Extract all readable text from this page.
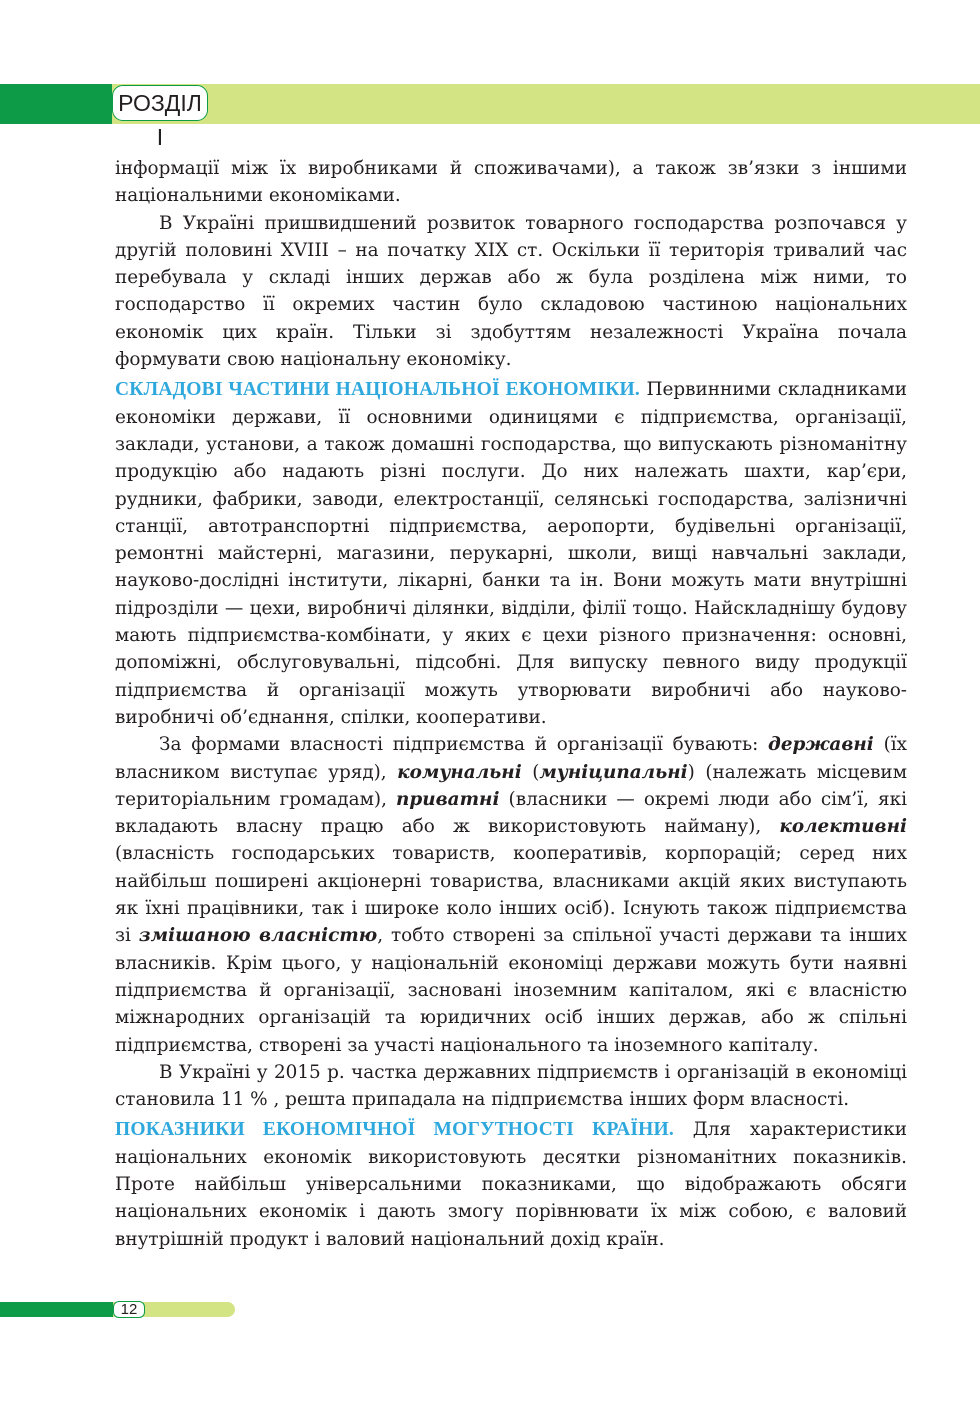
РОЗДІЛ І

інформації між їх виробниками й споживачами), а також зв’язки з іншими національними економіками.

В Україні пришвидшений розвиток товарного господарства розпочався у другій половині XVIII – на початку XIX ст. Оскільки її територія тривалий час перебувала у складі інших держав або ж була розділена між ними, то господарство її окремих частин було складовою частиною національних економік цих країн. Тільки зі здобуттям незалежності Україна почала формувати свою національну економіку.

СКЛАДОВІ ЧАСТИНИ НАЦІОНАЛЬНОЇ ЕКОНОМІКИ. Первинними складниками економіки держави, її основними одиницями є підприємства, організації, заклади, установи, а також домашні господарства, що випускають різноманітну продукцію або надають різні послуги. До них належать шахти, кар’єри, рудники, фабрики, заводи, електростанції, селянські господарства, залізничні станції, автотранспортні підприємства, аеропорти, будівельні організації, ремонтні майстерні, магазини, перукарні, школи, вищі навчальні заклади, науково-дослідні інститути, лікарні, банки та ін. Вони можуть мати внутрішні підрозділи — цехи, виробничі ділянки, відділи, філії тощо. Найскладнішу будову мають підприємства-комбінати, у яких є цехи різного призначення: основні, допоміжні, обслуговувальні, підсобні. Для випуску певного виду продукції підприємства й організації можуть утворювати виробничі або науково-виробничі об’єднання, спілки, кооперативи.

За формами власності підприємства й організації бувають: державні (їх власником виступає уряд), комунальні (муніципальні) (належать місцевим територіальним громадам), приватні (власники — окремі люди або сім’ї, які вкладають власну працю або ж використовують найману), колективні (власність господарських товариств, кооперативів, корпорацій; серед них найбільш поширені акціонерні товариства, власниками акцій яких виступають як їхні працівники, так і широке коло інших осіб). Існують також підприємства зі змішаною власністю, тобто створені за спільної участі держави та інших власників. Крім цього, у національній економіці держави можуть бути наявні підприємства й організації, засновані іноземним капіталом, які є власністю міжнародних організацій та юридичних осіб інших держав, або ж спільні підприємства, створені за участі національного та іноземного капіталу.

В Україні у 2015 р. частка державних підприємств і організацій в економіці становила 11 % , решта припадала на підприємства інших форм власності.

ПОКАЗНИКИ ЕКОНОМІЧНОЇ МОГУТНОСТІ КРАЇНИ. Для характеристики національних економік використовують десятки різноманітних показників. Проте найбільш універсальними показниками, що відображають обсяги національних економік і дають змогу порівнювати їх між собою, є валовий внутрішній продукт і валовий національний дохід країн.

12
